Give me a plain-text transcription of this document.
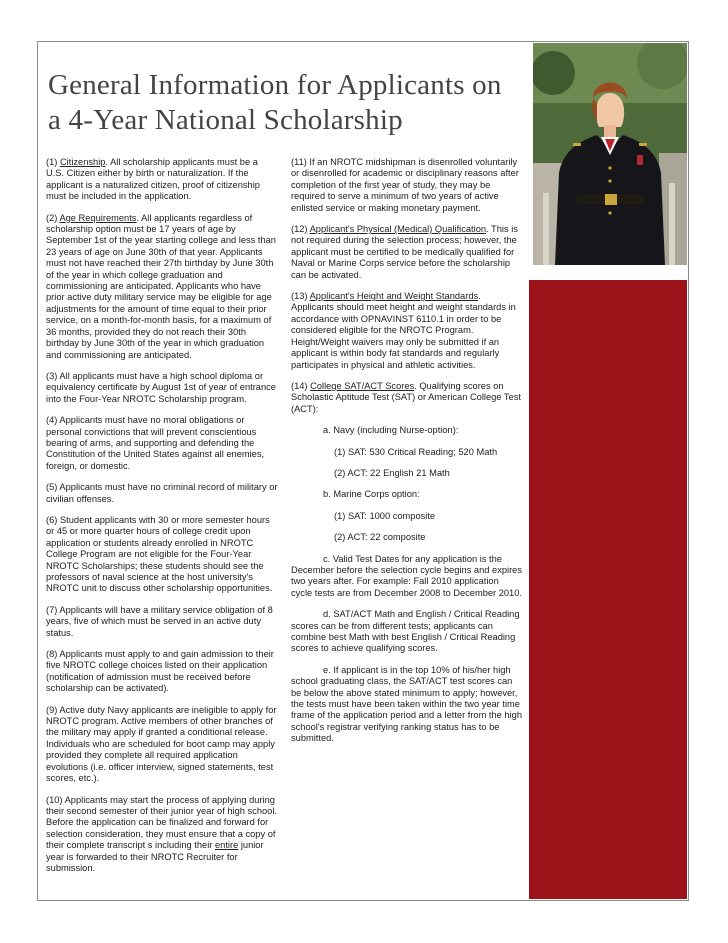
General Information for Applicants on
a 4-Year National Scholarship

(1) Citizenship. All scholarship applicants must be a U.S. Citizen either by birth or naturalization. If the applicant is a naturalized citizen, proof of citizenship must be included in the application.

(2) Age Requirements. All applicants regardless of scholarship option must be 17 years of age by September 1st of the year starting college and less than 23 years of age on June 30th of that year. Applicants must not have reached their 27th birthday by June 30th of the year in which college graduation and commissioning are anticipated. Applicants who have prior active duty military service may be eligible for age adjustments for the amount of time equal to their prior service, on a month-for-month basis, for a maximum of 36 months, provided they do not reach their 30th birthday by June 30th of the year in which graduation and commissioning are anticipated.

(3) All applicants must have a high school diploma or equivalency certificate by August 1st of year of entrance into the Four-Year NROTC Scholarship program.

(4) Applicants must have no moral obligations or personal convictions that will prevent conscientious bearing of arms, and supporting and defending the Constitution of the United States against all enemies, foreign, or domestic.

(5) Applicants must have no criminal record of military or civilian offenses.

(6) Student applicants with 30 or more semester hours or 45 or more quarter hours of college credit upon application or students already enrolled in NROTC College Program are not eligible for the Four-Year NROTC Scholarships; these students should see the professors of naval science at the host university's NROTC unit to discuss other scholarship opportunities.

(7) Applicants will have a military service obligation of 8 years, five of which must be served in an active duty status.

(8) Applicants must apply to and gain admission to their five NROTC college choices listed on their application (notification of admission must be received before scholarship can be activated).

(9) Active duty Navy applicants are ineligible to apply for NROTC program. Active members of other branches of the military may apply if granted a conditional release. Individuals who are scheduled for boot camp may apply provided they complete all required application evolutions (i.e. officer interview, signed statements, test scores, etc.).

(10) Applicants may start the process of applying during their second semester of their junior year of high school. Before the application can be finalized and forward for selection consideration, they must ensure that a copy of their complete transcript s including their entire junior year is forwarded to their NROTC Recruiter for submission.

(11) If an NROTC midshipman is disenrolled voluntarily or disenrolled for academic or disciplinary reasons after completion of the first year of study, they may be required to serve a minimum of two years of active enlisted service or making monetary payment.

(12) Applicant's Physical (Medical) Qualification. This is not required during the selection process; however, the applicant must be certified to be medically qualified for Naval or Marine Corps service before the scholarship can be activated.

(13) Applicant's Height and Weight Standards. Applicants should meet height and weight standards in accordance with OPNAVINST 6110.1 in order to be considered eligible for the NROTC Program. Height/Weight waivers may only be submitted if an applicant is within body fat standards and regularly participates in physical and athletic activities.

(14) College SAT/ACT Scores. Qualifying scores on Scholastic Aptitude Test (SAT) or American College Test (ACT):

a. Navy (including Nurse-option):

(1) SAT: 530 Critical Reading; 520 Math

(2) ACT: 22 English 21 Math

b. Marine Corps option:

(1) SAT: 1000 composite

(2) ACT: 22 composite

c. Valid Test Dates for any application is the December before the selection cycle begins and expires two years after. For example: Fall 2010 application cycle tests are from December 2008 to December 2010.

d. SAT/ACT Math and English / Critical Reading scores can be from different tests; applicants can combine best Math with best English / Critical Reading scores to achieve qualifying scores.

e. If applicant is in the top 10% of his/her high school graduating class, the SAT/ACT test scores can be below the above stated minimum to apply; however, the tests must have been taken within the two year time frame of the application period and a letter from the high school's registrar verifying ranking status has to be submitted.
